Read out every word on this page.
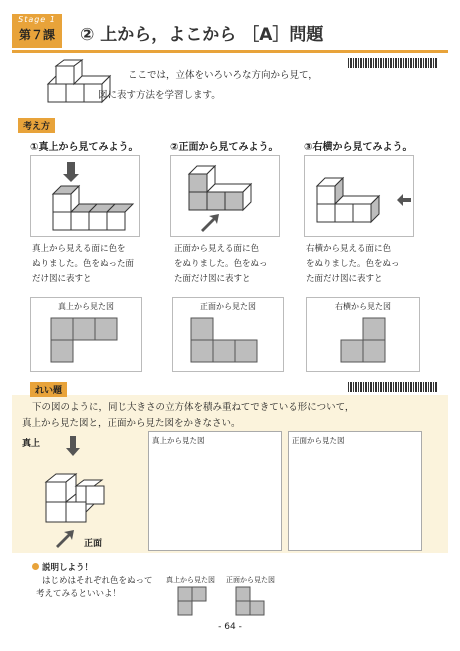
Stage 1
第７課	② 上から，よこから ［A］問題
ここでは，立体をいろいろな方向から見て，
図に表す方法を学習します。
考え方
①真上から見てみよう。
真上から見える面に色を
ぬりました。色をぬった面
だけ図に表すと
真上から見た図
②正面から見てみよう。
正面から見える面に色
をぬりました。色をぬっ
た面だけ図に表すと
正面から見た図
③右横から見てみよう。
右横から見える面に色
をぬりました。色をぬっ
た面だけ図に表すと
右横から見た図
れい題
下の図のように，同じ大きさの立方体を積み重ねてできている形について，
真上から見た図と，正面から見た図をかきなさい。
真上
正面
真上から見た図	正面から見た図
説明しよう！
はじめはそれぞれ色をぬって
考えてみるといいよ！
真上から見た図 正面から見た図
- 64 -
